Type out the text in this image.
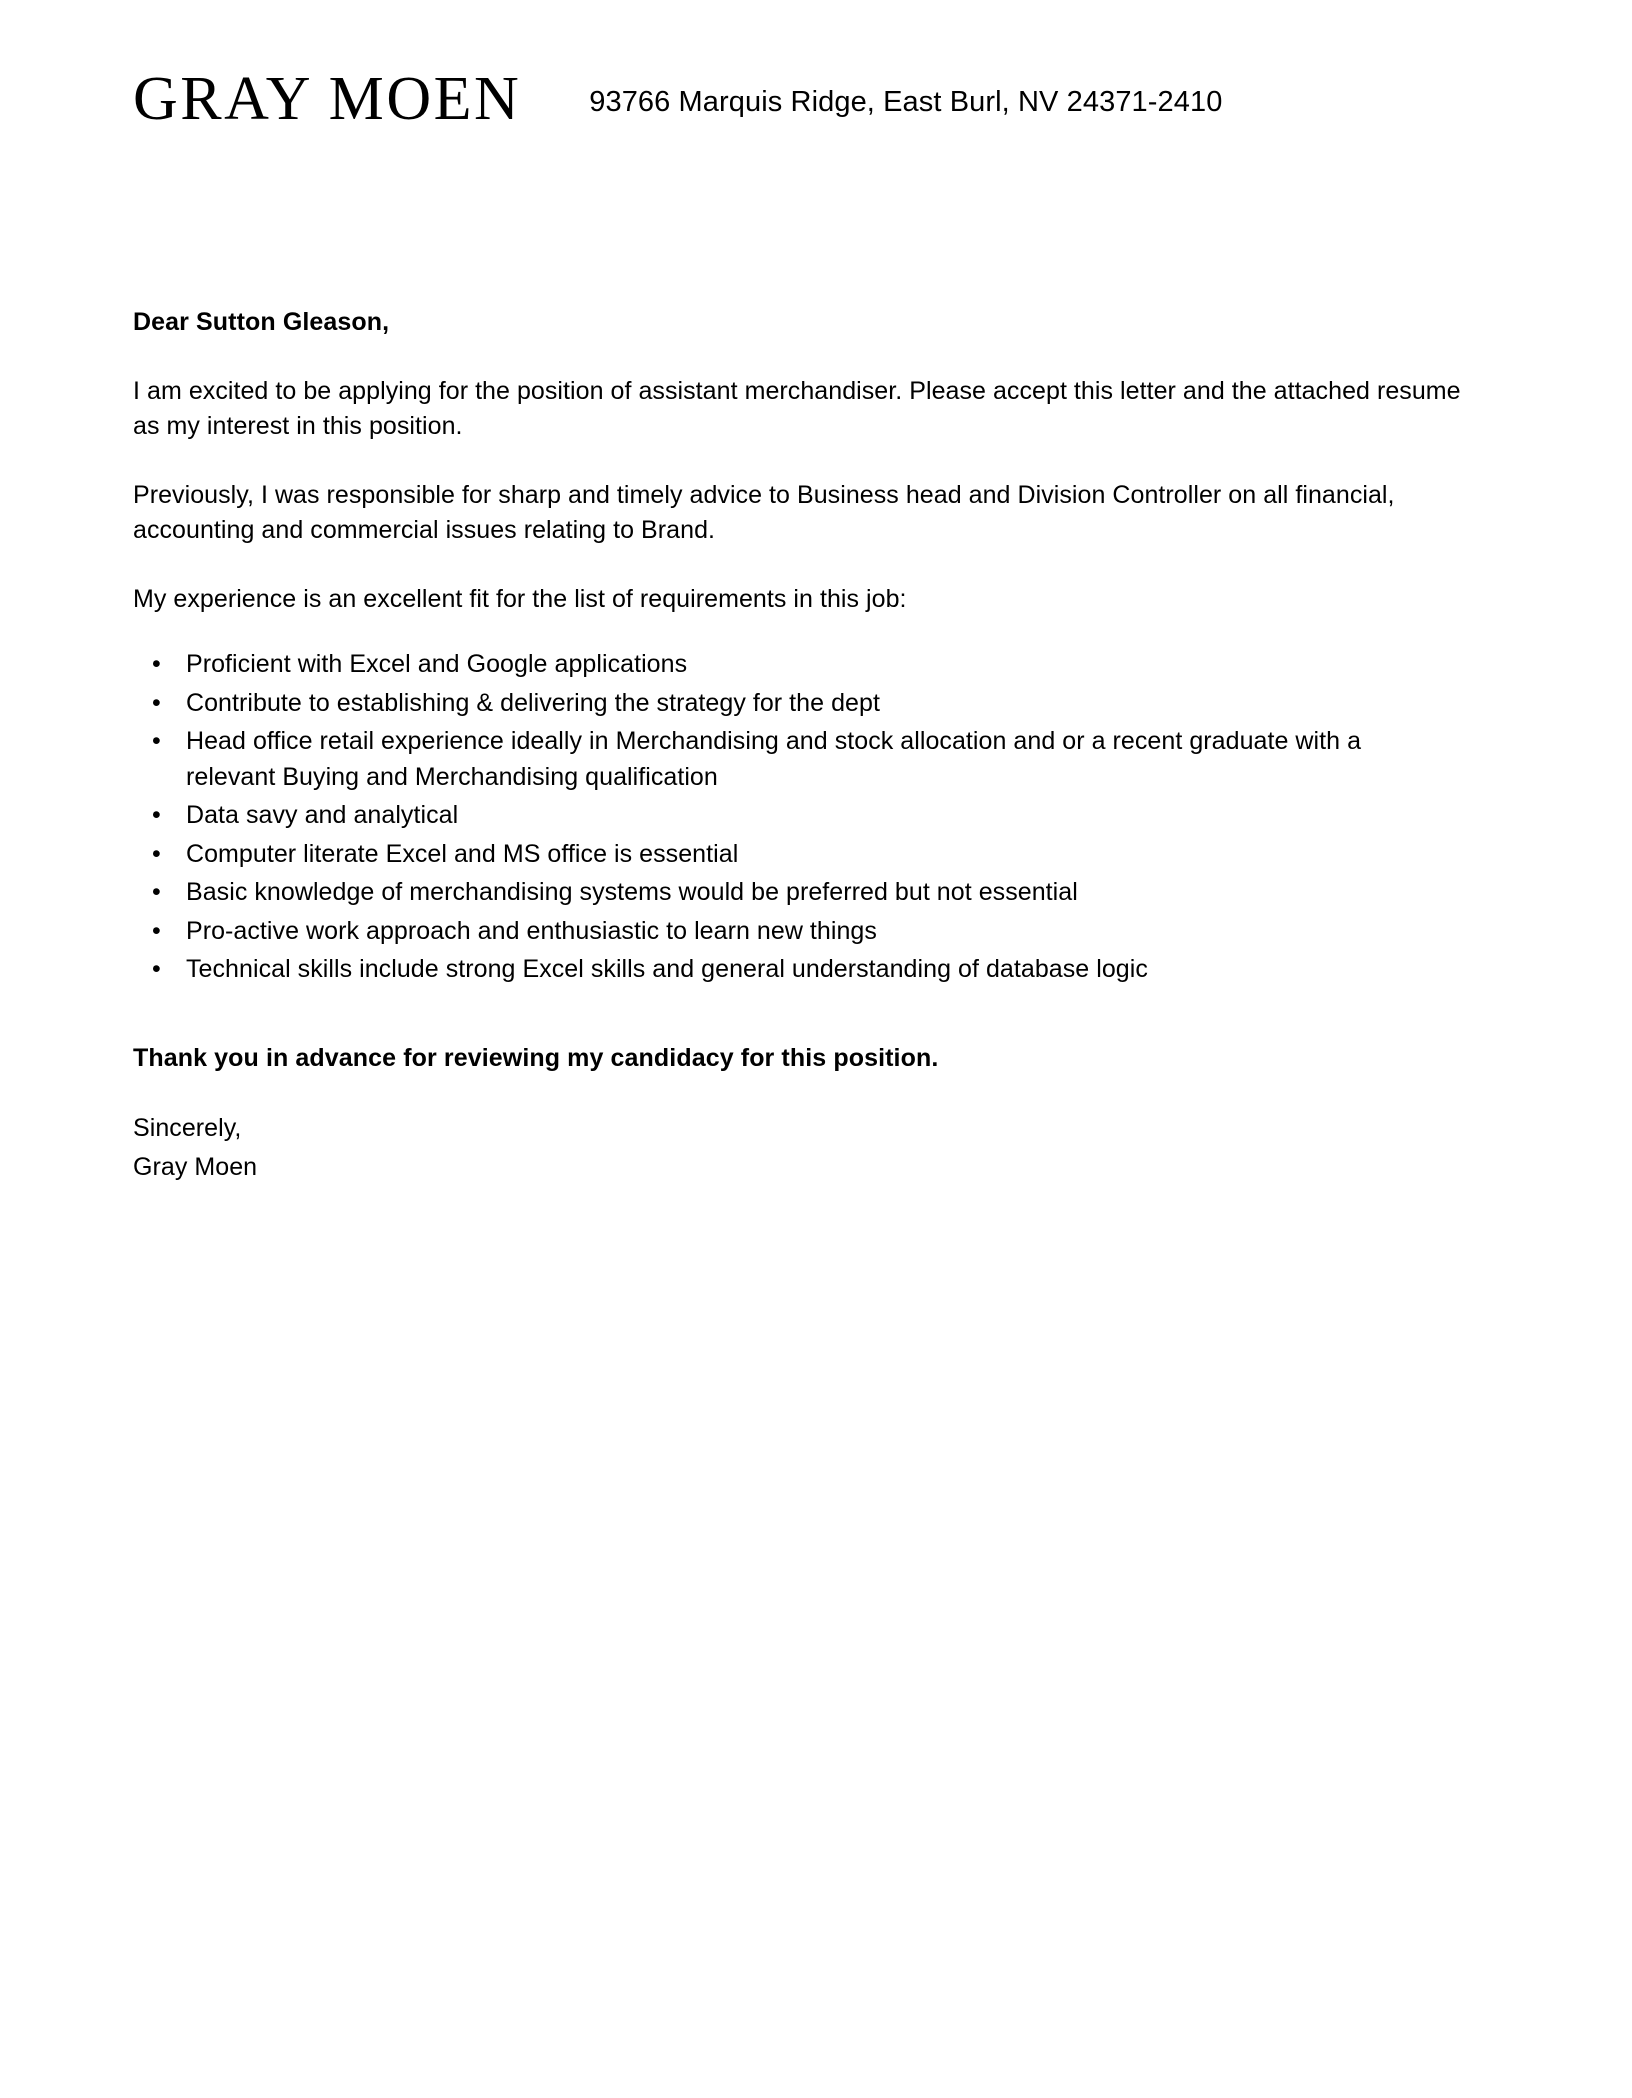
GRAY MOEN 93766 Marquis Ridge, East Burl, NV 24371-2410
Dear Sutton Gleason,

I am excited to be applying for the position of assistant merchandiser. Please accept this letter and the attached resume as my interest in this position.

Previously, I was responsible for sharp and timely advice to Business head and Division Controller on all financial, accounting and commercial issues relating to Brand.

My experience is an excellent fit for the list of requirements in this job:

• Proficient with Excel and Google applications
• Contribute to establishing & delivering the strategy for the dept
• Head office retail experience ideally in Merchandising and stock allocation and or a recent graduate with a relevant Buying and Merchandising qualification
• Data savy and analytical
• Computer literate Excel and MS office is essential
• Basic knowledge of merchandising systems would be preferred but not essential
• Pro-active work approach and enthusiastic to learn new things
• Technical skills include strong Excel skills and general understanding of database logic
Thank you in advance for reviewing my candidacy for this position.
Sincerely,
Gray Moen
